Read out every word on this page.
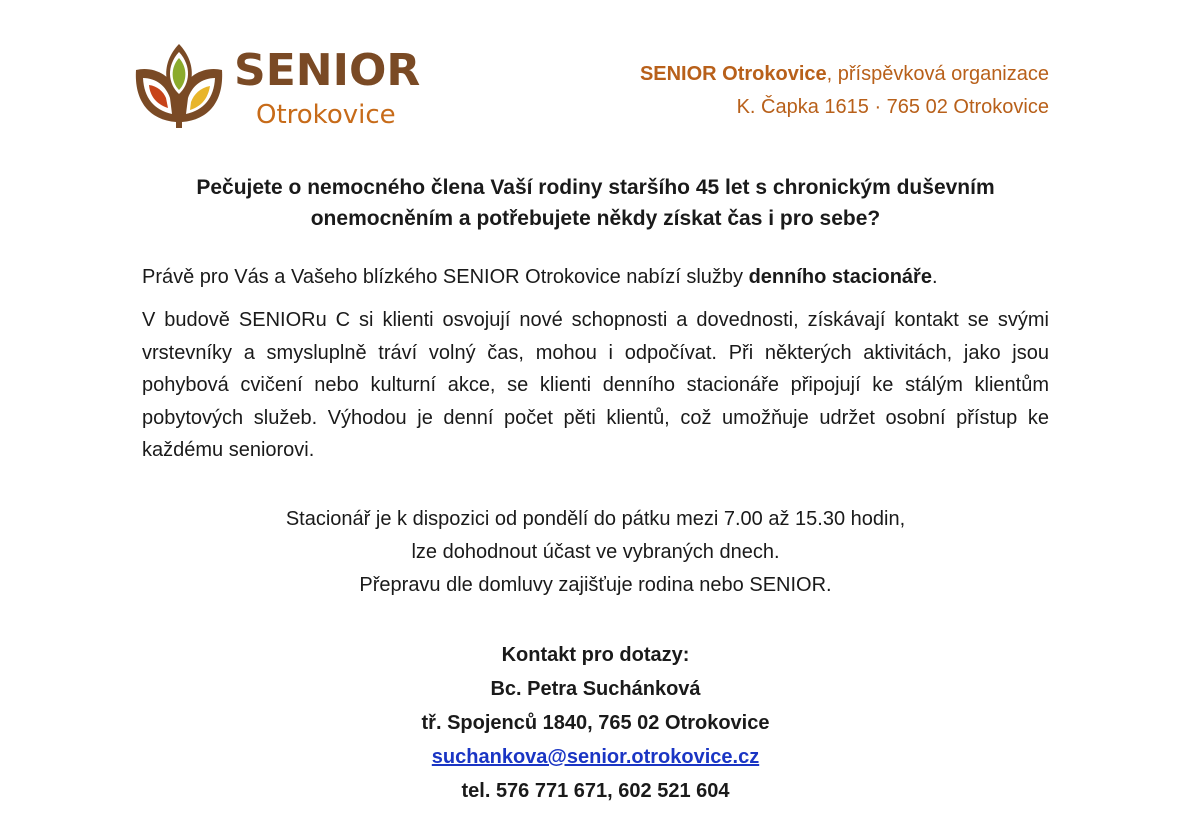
SENIOR
Otrokovice
SENIOR Otrokovice, příspěvková organizace
K. Čapka 1615 · 765 02 Otrokovice

Pečujete o nemocného člena Vaší rodiny staršího 45 let s chronickým duševním onemocněním a potřebujete někdy získat čas i pro sebe?

Právě pro Vás a Vašeho blízkého SENIOR Otrokovice nabízí služby denního stacionáře.

V budově SENIORu C si klienti osvojují nové schopnosti a dovednosti, získávají kontakt se svými vrstevníky a smysluplně tráví volný čas, mohou i odpočívat. Při některých aktivitách, jako jsou pohybová cvičení nebo kulturní akce, se klienti denního stacionáře připojují ke stálým klientům pobytových služeb. Výhodou je denní počet pěti klientů, což umožňuje udržet osobní přístup ke každému seniorovi.

Stacionář je k dispozici od pondělí do pátku mezi 7.00 až 15.30 hodin,
lze dohodnout účast ve vybraných dnech.
Přepravu dle domluvy zajišťuje rodina nebo SENIOR.
Kontakt pro dotazy:
Bc. Petra Suchánková
tř. Spojenců 1840, 765 02 Otrokovice
suchankova@senior.otrokovice.cz
tel. 576 771 671, 602 521 604
